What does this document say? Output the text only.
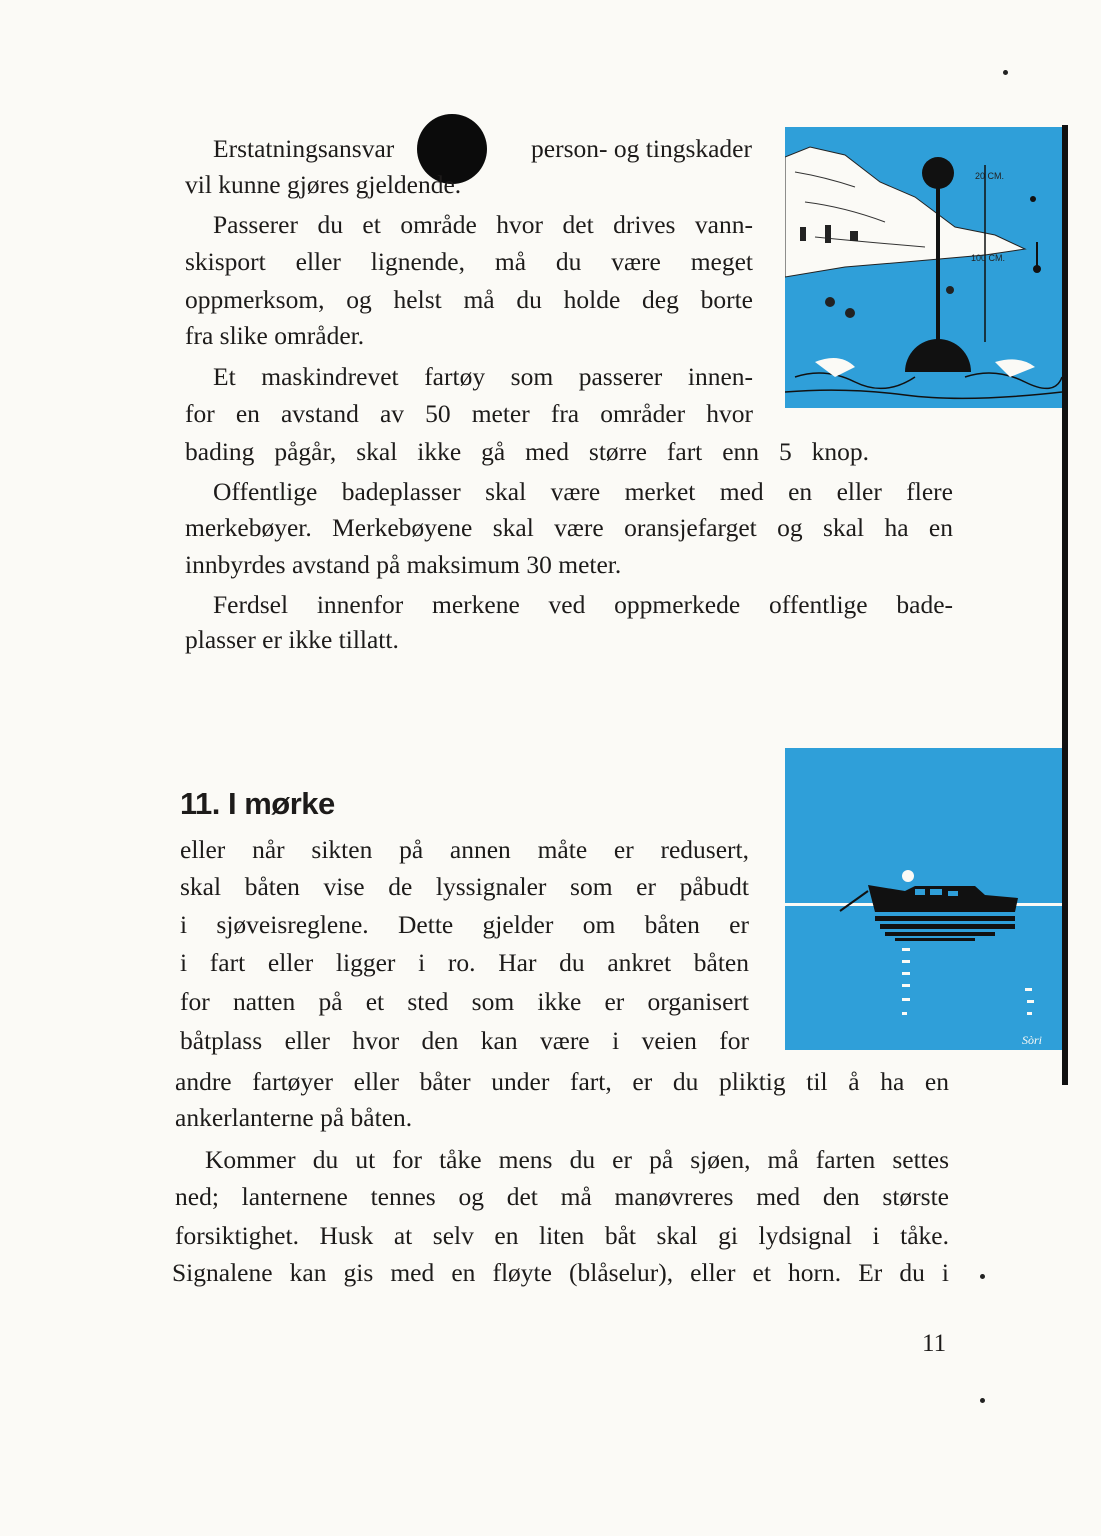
Erstatningsansvar	person- og tingskader
vil kunne gjøres gjeldende.
Passerer du et område hvor det drives vann-
skisport eller lignende, må du være meget
oppmerksom, og helst må du holde deg borte
fra slike områder.
Et maskindrevet fartøy som passerer innen-
for en avstand av 50 meter fra områder hvor
bading pågår, skal ikke gå med større fart enn 5 knop.
Offentlige badeplasser skal være merket med en eller flere
merkebøyer. Merkebøyene skal være oransjefarget og skal ha en
innbyrdes avstand på maksimum 30 meter.
Ferdsel innenfor merkene ved oppmerkede offentlige bade-
plasser er ikke tillatt.
20 CM.
100 CM.
11. I mørke
eller når sikten på annen måte er redusert,
skal båten vise de lyssignaler som er påbudt
i sjøveisreglene. Dette gjelder om båten er
i fart eller ligger i ro. Har du ankret båten
for natten på et sted som ikke er organisert
båtplass eller hvor den kan være i veien for
andre fartøyer eller båter under fart, er du pliktig til å ha en
ankerlanterne på båten.
Kommer du ut for tåke mens du er på sjøen, må farten settes
ned; lanternene tennes og det må manøvreres med den største
forsiktighet. Husk at selv en liten båt skal gi lydsignal i tåke.
Signalene kan gis med en fløyte (blåselur), eller et horn. Er du i
Sòri
11
